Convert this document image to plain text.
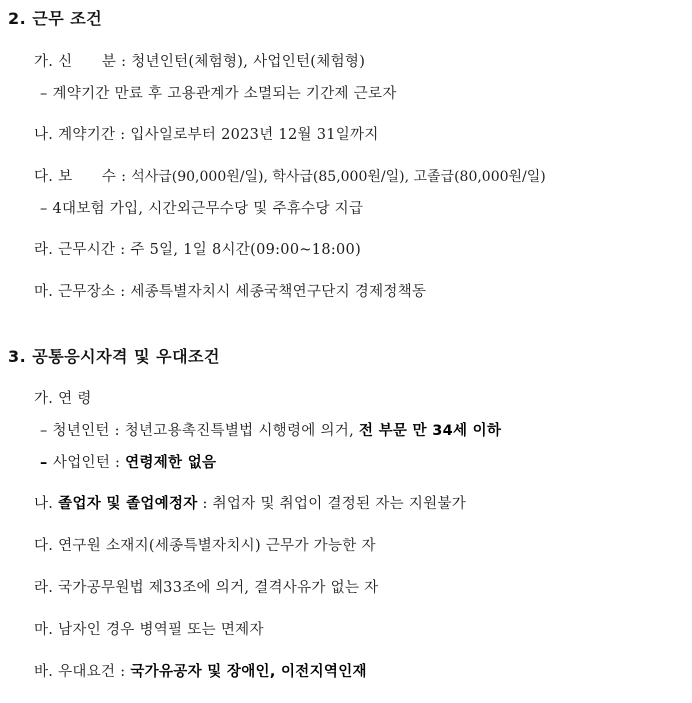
2. 근무 조건
가. 신      분 : 청년인턴(체험형), 사업인턴(체험형)
– 계약기간 만료 후 고용관계가 소멸되는 기간제 근로자
나. 계약기간 : 입사일로부터 2023년 12월 31일까지
다. 보      수 : 석사급(90,000원/일), 학사급(85,000원/일), 고졸급(80,000원/일)
– 4대보험 가입, 시간외근무수당 및 주휴수당 지급
라. 근무시간 : 주 5일, 1일 8시간(09:00~18:00)
마. 근무장소 : 세종특별자치시 세종국책연구단지 경제정책동
3. 공통응시자격 및 우대조건
가. 연 령
– 청년인턴 : 청년고용촉진특별법 시행령에 의거, 전 부문 만 34세 이하
– 사업인턴 : 연령제한 없음
나. 졸업자 및 졸업예정자 : 취업자 및 취업이 결정된 자는 지원불가
다. 연구원 소재지(세종특별자치시) 근무가 가능한 자
라. 국가공무원법 제33조에 의거, 결격사유가 없는 자
마. 남자인 경우 병역필 또는 면제자
바. 우대요건 : 국가유공자 및 장애인, 이전지역인재
